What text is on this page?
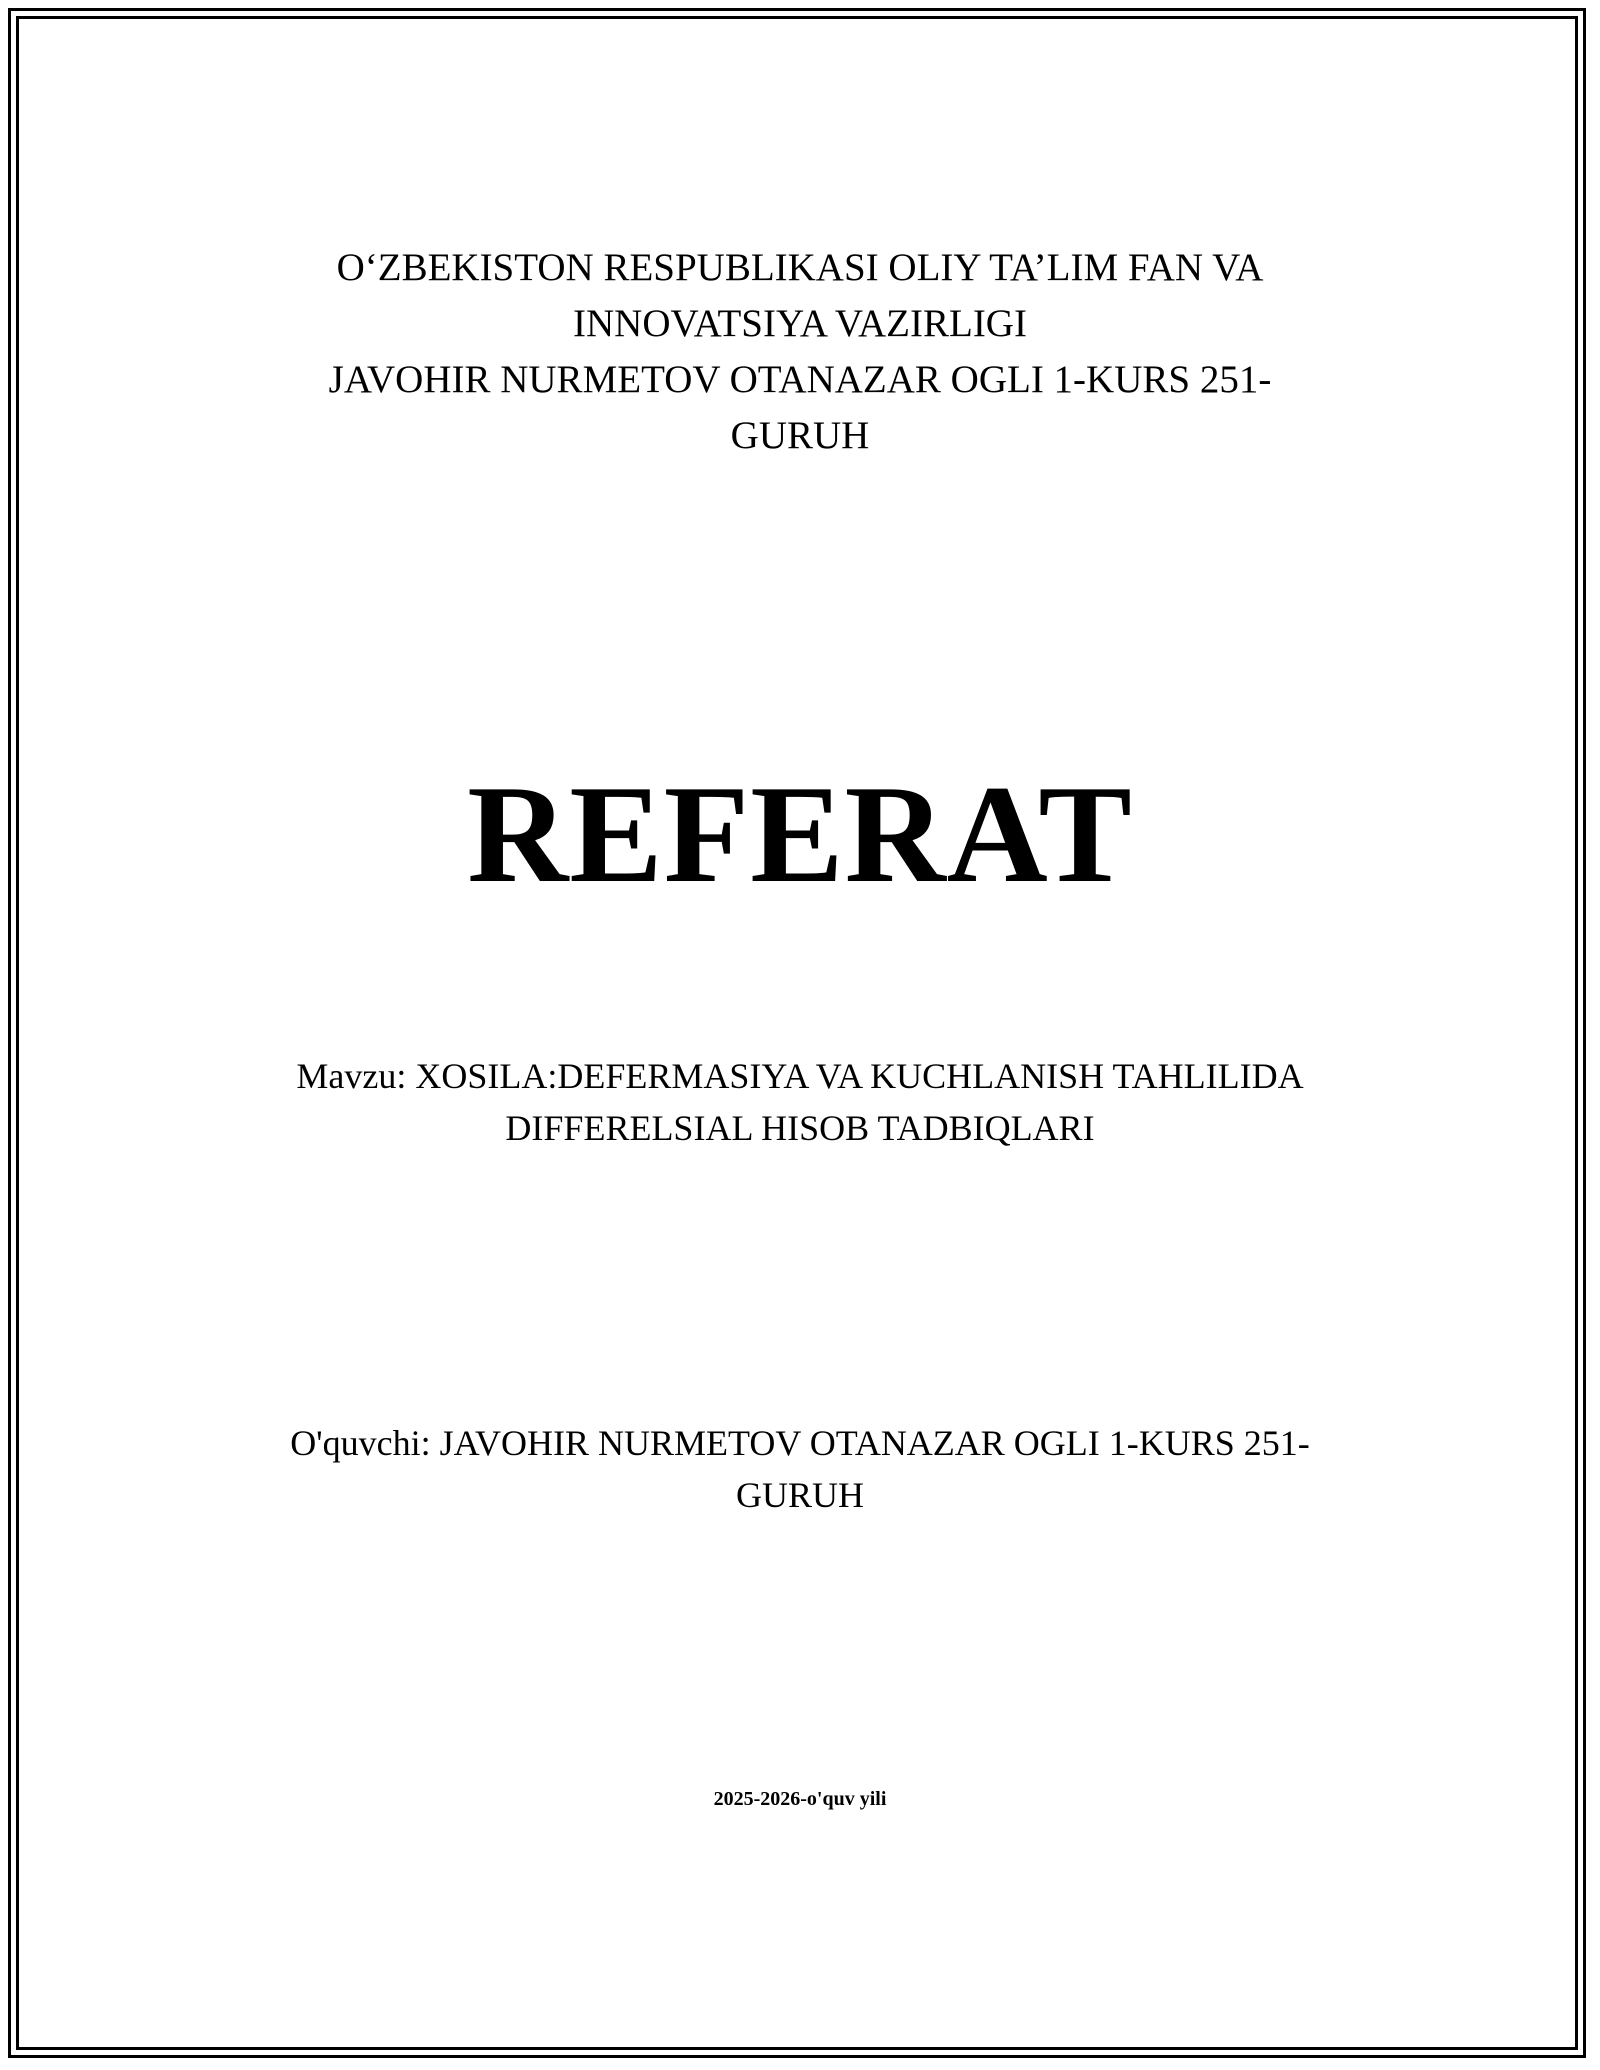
O‘ZBEKISTON RESPUBLIKASI OLIY TA’LIM FAN VA
INNOVATSIYA VAZIRLIGI
JAVOHIR NURMETOV OTANAZAR OGLI 1-KURS 251-
GURUH
REFERAT
Mavzu: XOSILA:DEFERMASIYA VA KUCHLANISH TAHLILIDA
DIFFERELSIAL HISOB TADBIQLARI
O'quvchi: JAVOHIR NURMETOV OTANAZAR OGLI 1-KURS 251-
GURUH
2025-2026-o'quv yili
